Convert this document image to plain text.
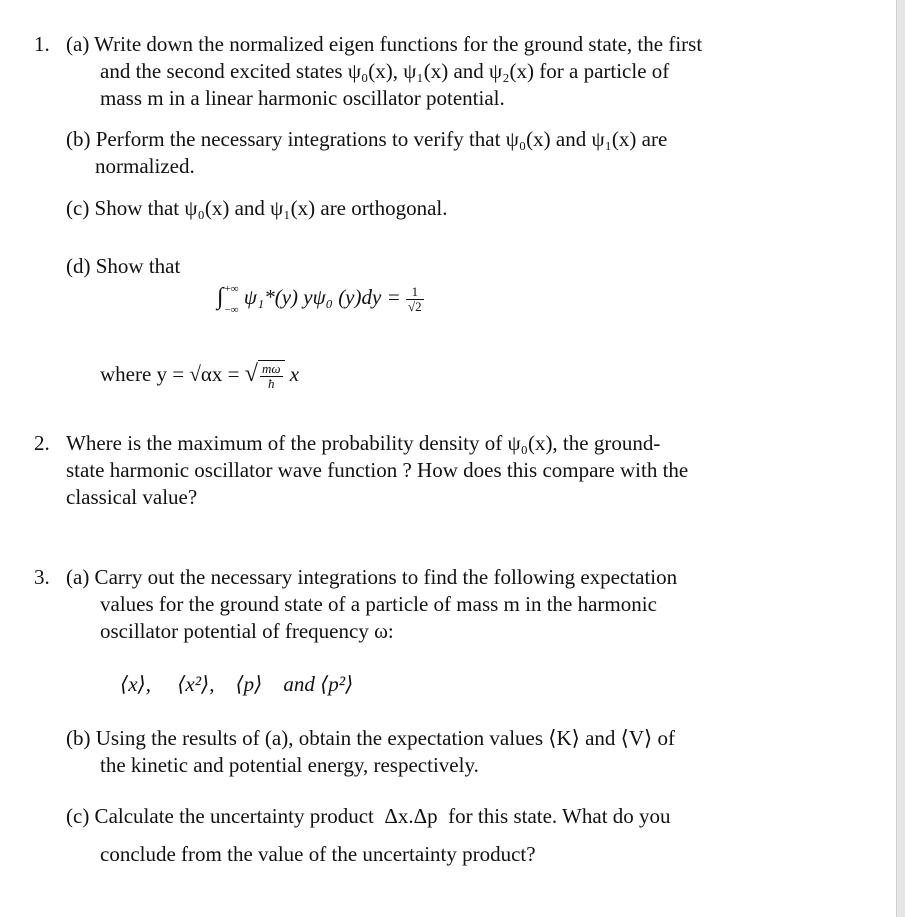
1. (a) Write down the normalized eigen functions for the ground state, the first
and the second excited states ψ₀(x), ψ₁(x) and ψ₂(x) for a particle of
mass m in a linear harmonic oscillator potential.
(b) Perform the necessary integrations to verify that ψ₀(x) and ψ₁(x) are
normalized.
(c) Show that ψ₀(x) and ψ₁(x) are orthogonal.
(d) Show that
∫ +∞
−∞
ψ₁*(y) yψ₀ $(y)dy = \frac{1}{√2}$
where y = √αx = √ $\frac{m\omega}{ħ}$ x
2. Where is the maximum of the probability density of ψ₀(x), the ground-
state harmonic oscillator wave function ? How does this compare with the
classical value?
3. (a) Carry out the necessary integrations to find the following expectation
values for the ground state of a particle of mass m in the harmonic
oscillator potential of frequency ω:
⟨x⟩,     ⟨x²⟩,    ⟨p⟩    and ⟨p²⟩
(b) Using the results of (a), obtain the expectation values ⟨K⟩ and ⟨V⟩ of
the kinetic and potential energy, respectively.
(c) Calculate the uncertainty product  Δx.Δp  for this state. What do you
conclude from the value of the uncertainty product?
